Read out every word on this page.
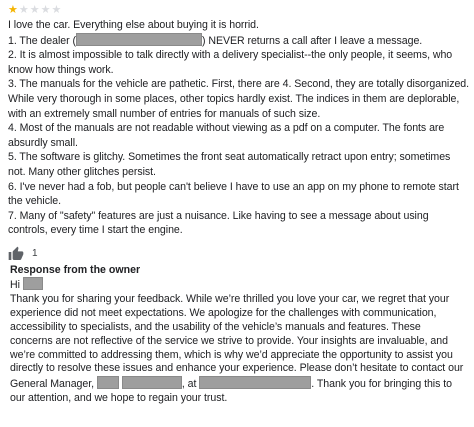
★ ★ ★ ★ ★

I love the car. Everything else about buying it is horrid.

1. The dealer (	) NEVER returns a call after I leave a message.

2. It is almost impossible to talk directly with a delivery specialist--the only people, it seems, who know how things work.

3. The manuals for the vehicle are pathetic. First, there are 4. Second, they are totally disorganized. While very thorough in some places, other topics hardly exist. The indices in them are deplorable, with an extremely small number of entries for manuals of such size.

4. Most of the manuals are not readable without viewing as a pdf on a computer. The fonts are absurdly small.

5. The software is glitchy. Sometimes the front seat automatically retract upon entry; sometimes not. Many other glitches persist.

6. I've never had a fob, but people can't believe I have to use an app on my phone to remote start the vehicle.

7. Many of "safety" features are just a nuisance. Like having to see a message about using controls, every time I start the engine.

1
Response from the owner
Hi
Thank you for sharing your feedback. While we’re thrilled you love your car, we regret that your experience did not meet expectations. We apologize for the challenges with communication, accessibility to specialists, and the usability of the vehicle’s manuals and features. These concerns are not reflective of the service we strive to provide. Your insights are invaluable, and we’re committed to addressing them, which is why we’d appreciate the opportunity to assist you directly to resolve these issues and enhance your experience. Please don’t hesitate to contact our General Manager,	, at	. Thank you for bringing this to our attention, and we hope to regain your trust.
